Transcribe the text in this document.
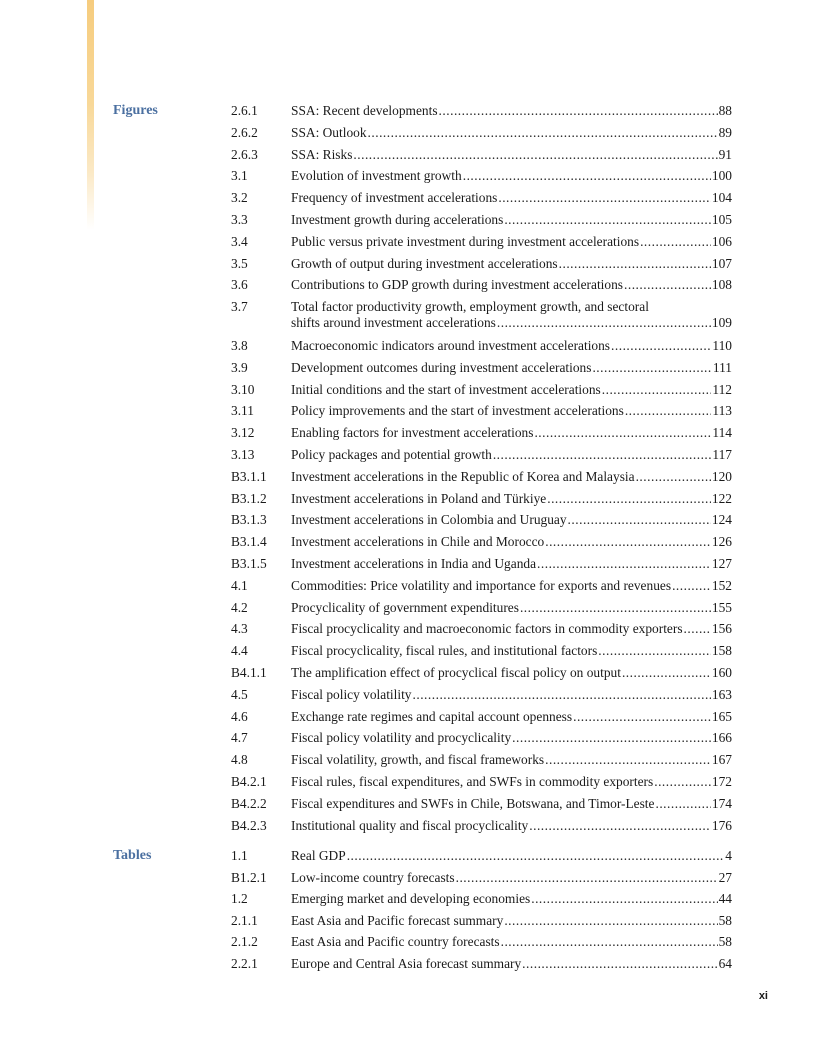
Figures	2.6.1 SSA: Recent developments .....	88
2.6.2 SSA: Outlook .....	89
2.6.3 SSA: Risks .....	91
3.1	Evolution of investment growth .....	100
3.2	Frequency of investment accelerations .....	104
3.3	Investment growth during accelerations .....	105
3.4	Public versus private investment during investment accelerations .....	106
3.5	Growth of output during investment accelerations .....	107
3.6	Contributions to GDP growth during investment accelerations .....	108
3.7	Total factor productivity growth, employment growth, and sectoral
shifts around investment accelerations .....	109
3.8	Macroeconomic indicators around investment accelerations .....	110
3.9	Development outcomes during investment accelerations .....	111
3.10	Initial conditions and the start of investment accelerations .....	112
3.11	Policy improvements and the start of investment accelerations .....	113
3.12	Enabling factors for investment accelerations .....	114
3.13	Policy packages and potential growth .....	117
B3.1.1 Investment accelerations in the Republic of Korea and Malaysia .....	120
B3.1.2 Investment accelerations in Poland and Türkiye .....	122
B3.1.3 Investment accelerations in Colombia and Uruguay .....	124
B3.1.4 Investment accelerations in Chile and Morocco .....	126
B3.1.5 Investment accelerations in India and Uganda .....	127
4.1	Commodities: Price volatility and importance for exports and revenues .....	152
4.2	Procyclicality of government expenditures .....	155
4.3	Fiscal procyclicality and macroeconomic factors in commodity exporters ..... 156
4.4	Fiscal procyclicality, fiscal rules, and institutional factors .....	158
B4.1.1 The amplification effect of procyclical fiscal policy on output .....	160
4.5	Fiscal policy volatility .....	163
4.6	Exchange rate regimes and capital account openness .....	165
4.7	Fiscal policy volatility and procyclicality .....	166
4.8	Fiscal volatility, growth, and fiscal frameworks .....	167
B4.2.1 Fiscal rules, fiscal expenditures, and SWFs in commodity exporters .....	172
B4.2.2 Fiscal expenditures and SWFs in Chile, Botswana, and Timor-Leste .....	174
B4.2.3 Institutional quality and fiscal procyclicality .....	176
Tables	1.1	Real GDP .....	4
B1.2.1 Low-income country forecasts .....	27
1.2	Emerging market and developing economies .....	44
2.1.1 East Asia and Pacific forecast summary .....	58
2.1.2 East Asia and Pacific country forecasts .....	58
2.2.1 Europe and Central Asia forecast summary .....	64
xi
